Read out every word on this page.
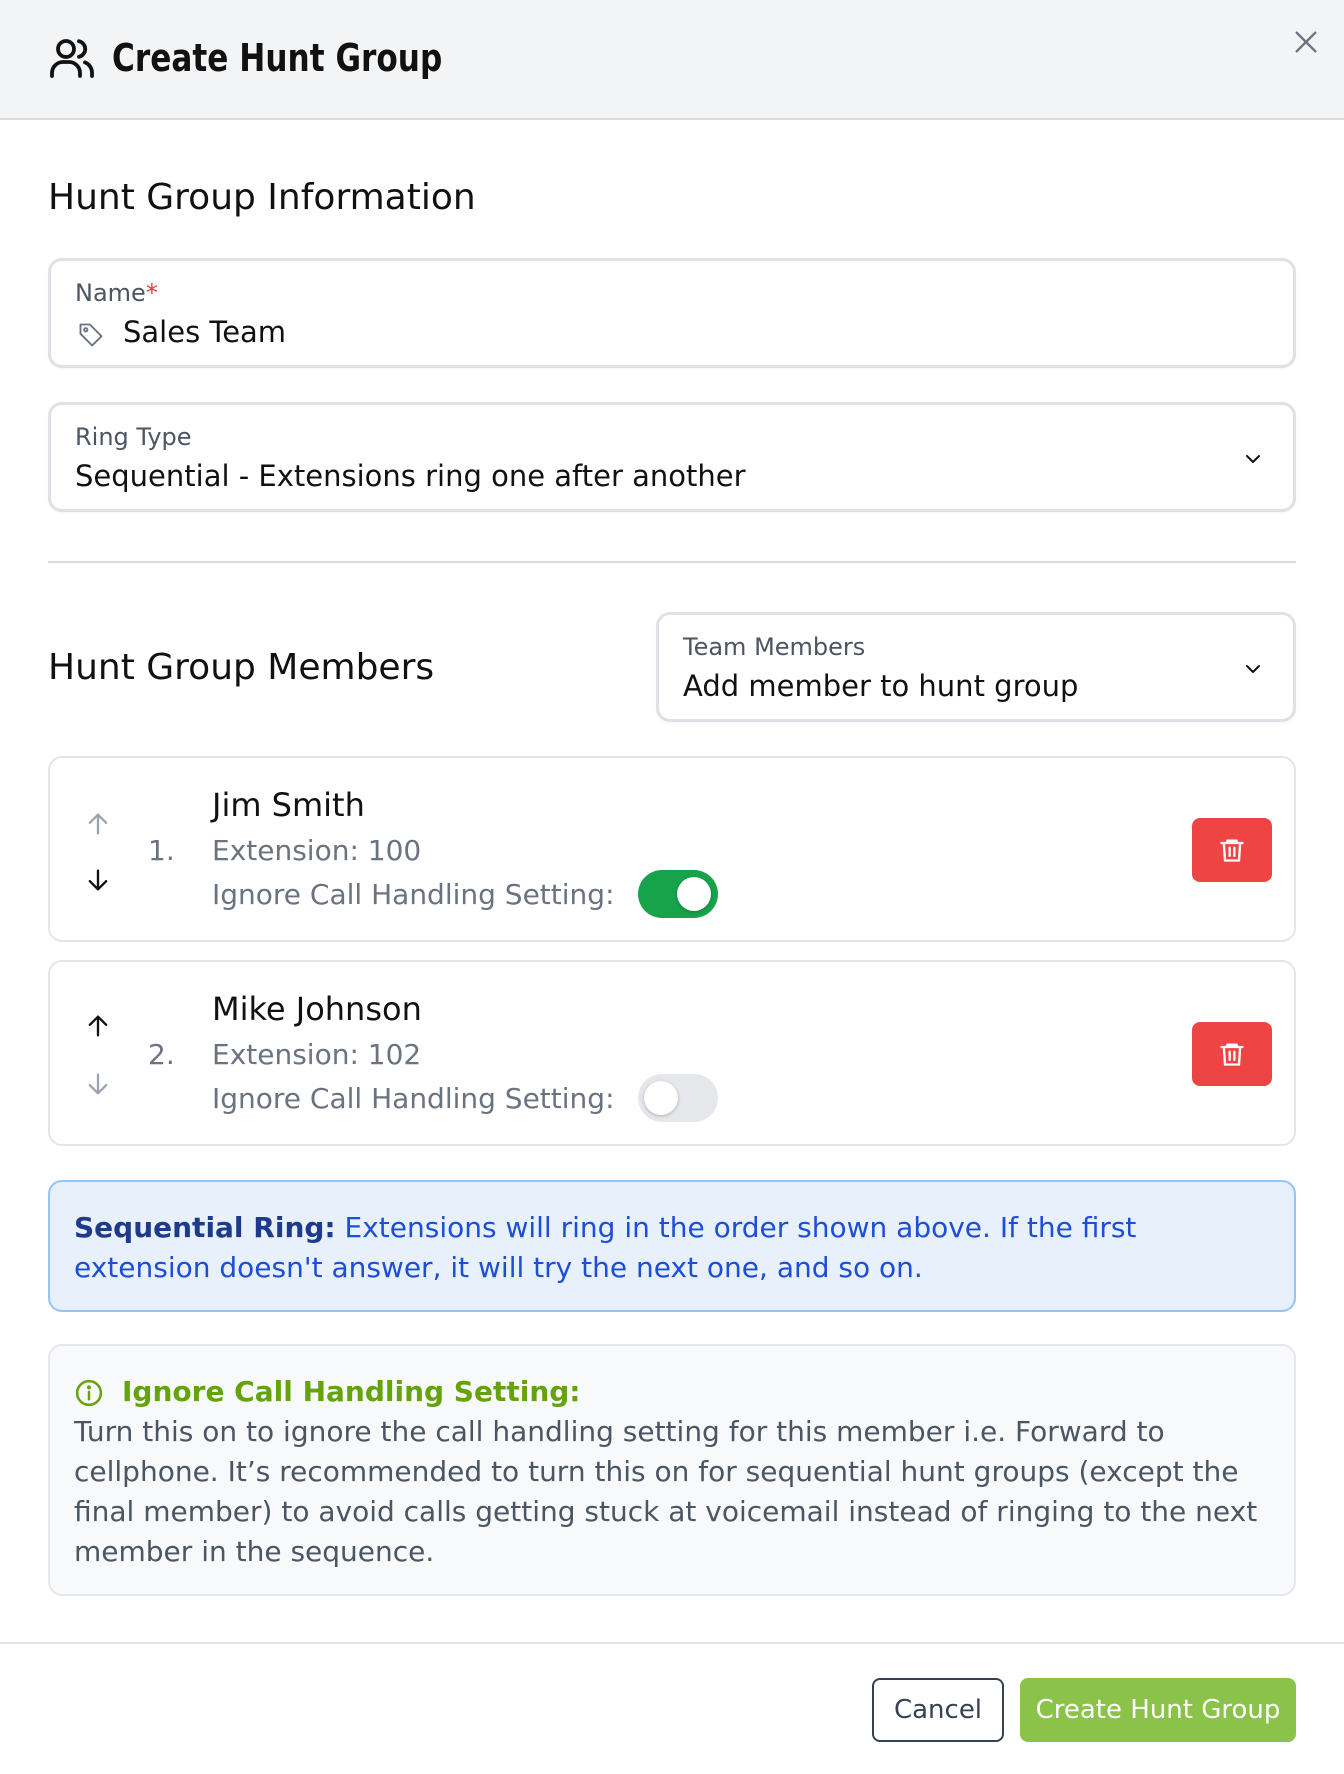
Create Hunt Group
Hunt Group Information
Name*
Sales Team
Ring Type
Sequential - Extensions ring one after another
Hunt Group Members	Team Members
Add member to hunt group
1.
Jim Smith
Extension: 100
Ignore Call Handling Setting:
2.
Mike Johnson
Extension: 102
Ignore Call Handling Setting:
Sequential Ring: Extensions will ring in the order shown above. If the first extension doesn't answer, it will try the next one, and so on.
Ignore Call Handling Setting:
Turn this on to ignore the call handling setting for this member i.e. Forward to cellphone. It’s recommended to turn this on for sequential hunt groups (except the final member) to avoid calls getting stuck at voicemail instead of ringing to the next member in the sequence.
Cancel	Create Hunt Group
